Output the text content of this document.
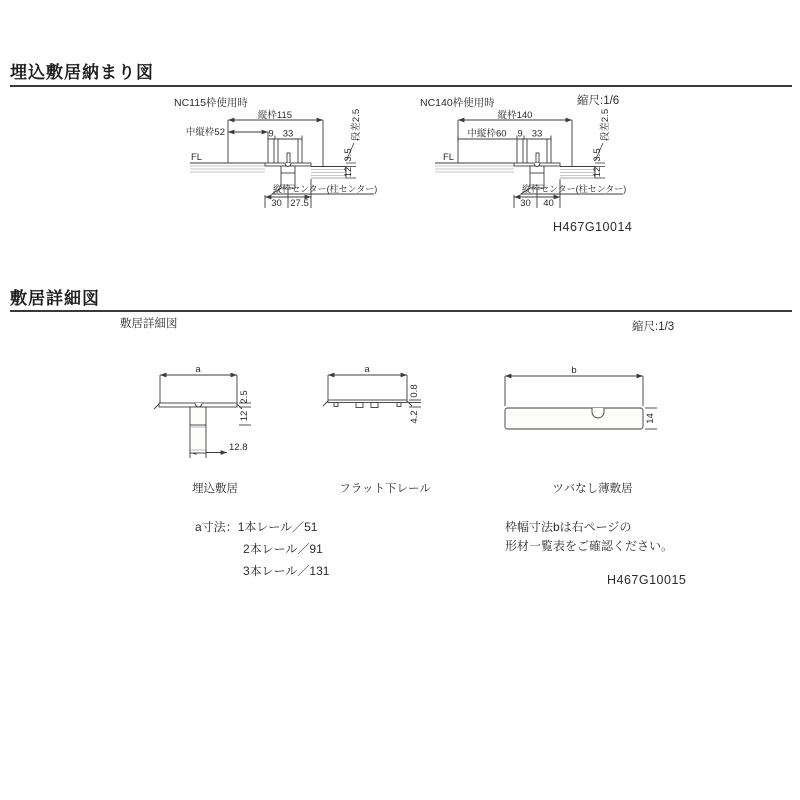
埋込敷居納まり図
縮尺:1/6
NC115枠使用時
縦枠115
中縦枠52	9 33
FL
12
3.5
段差2.5
縦枠センター(柱センター)
30 27.5
NC140枠使用時
縦枠140
中縦枠60 9 33
FL
12
3.5
段差2.5
縦枠センター(柱センター)
30 40
H467G10014
敷居詳細図
敷居詳細図	縮尺:1/3
a
2.5
12
12.8
a
0.8
4.2
b
14
埋込敷居	フラット下レール	ツバなし薄敷居
a寸法： 1本レール／51
2本レール／91
3本レール／131
枠幅寸法bは右ページの
形材一覧表をご確認ください。
H467G10015
